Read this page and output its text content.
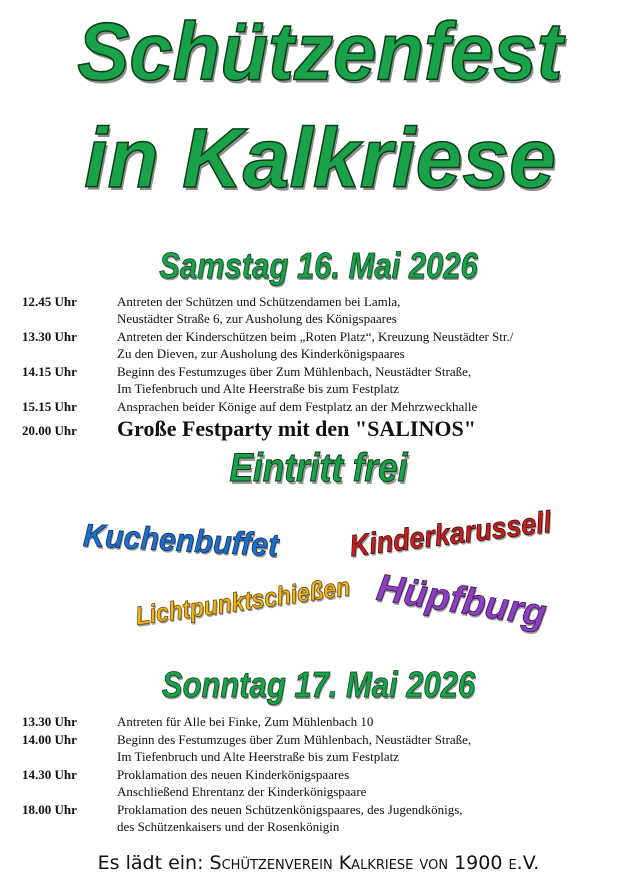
Schützenfest
in Kalkriese
Samstag 16. Mai 2026
12.45 Uhr	Antreten der Schützen und Schützendamen bei Lamla,
Neustädter Straße 6, zur Ausholung des Königspaares
13.30 Uhr	Antreten der Kinderschützen beim „Roten Platz“, Kreuzung Neustädter Str./
Zu den Dieven, zur Ausholung des Kinderkönigspaares
14.15 Uhr	Beginn des Festumzuges über Zum Mühlenbach, Neustädter Straße,
Im Tiefenbruch und Alte Heerstraße bis zum Festplatz
15.15 Uhr	Ansprachen beider Könige auf dem Festplatz an der Mehrzweckhalle
20.00 Uhr	Große Festparty mit den "SALINOS"
Eintritt frei
Kuchenbuffet Kinderkarussell
Lichtpunktschießen Hüpfburg
Sonntag 17. Mai 2026
13.30 Uhr	Antreten für Alle bei Finke, Zum Mühlenbach 10
14.00 Uhr	Beginn des Festumzuges über Zum Mühlenbach, Neustädter Straße,
Im Tiefenbruch und Alte Heerstraße bis zum Festplatz
14.30 Uhr	Proklamation des neuen Kinderkönigspaares
Anschließend Ehrentanz der Kinderkönigspaare
18.00 Uhr	Proklamation des neuen Schützenkönigspaares, des Jugendkönigs,
des Schützenkaisers und der Rosenkönigin
Es lädt ein: Schützenverein Kalkriese von 1900 e.V.
